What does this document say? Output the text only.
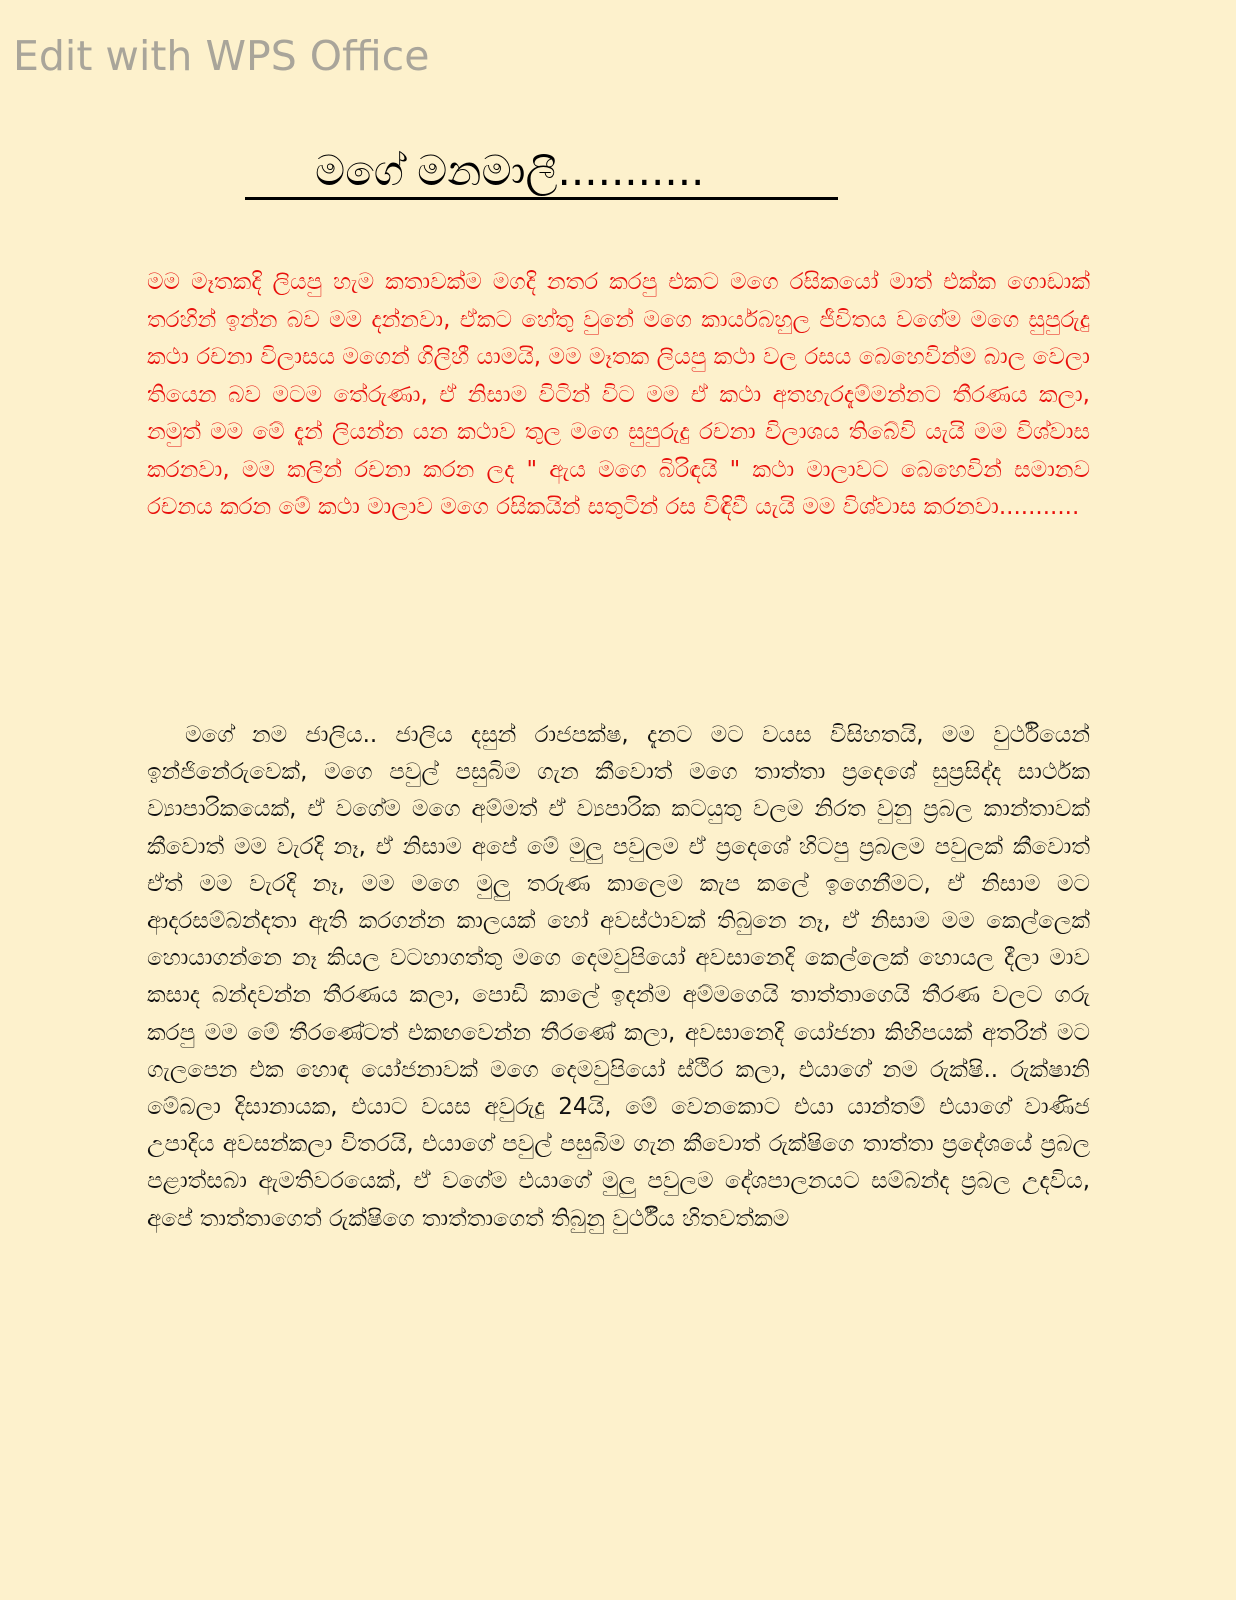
Edit with WPS Office
මගේ මනමාලී...........

මම මෑතකදි ලියපු හැම කතාවක්ම මගදි නතර කරපු එකට මගෙ රසිකයෝ මාත් එක්ක ගොඩාක් තරහින් ඉන්න බව මම දන්නවා, ඒකට හේතු වුනේ මගෙ කාර්යබහුල ජීවිතය වගේම මගෙ සුපුරුදු කථා රචනා විලාසය මගෙන් ගිලිහී යාමයි, මම මෑතක ලියපු කථා වල රසය බෙහෙවින්ම බාල වෙලා තියෙන බව මටම තේරුණා, ඒ නිසාම විටින් විට මම ඒ කථා අතහැරදැම්මන්නට තීරණය කලා, නමුත් මම මේ දැන් ලියන්න යන කථාව තුල මගෙ සුපුරුදු රචනා විලාශය තිබේවි යැයි මම විශ්වාස කරනවා, මම කලින් රචනා කරන ලද " ඇය මගෙ බිරිඳයි " කථා මාලාවට බෙහෙවින් සමානව රචනය කරන මේ කථා මාලාව මගෙ රසිකයින් සතුටින් රස විඳිවී යැයි මම විශ්වාස කරනවා...........

මගේ නම ජාලිය.. ජාලිය දසුන් රාජපක්ෂ, දැනට මට වයස විසිහතයි, මම වුර්ථියෙන් ඉන්ජිනේරුවෙක්, මගෙ පවුල් පසුබිම ගැන කීවොත් මගෙ තාත්තා ප්‍රදෙශේ සුප්‍රසිද්ද සාර්ථක ව්‍යාපාරිකයෙක්, ඒ වගේම මගෙ අම්මත් ඒ ව්‍යපාරික කටයුතු වලම නිරත වුනු ප්‍රබල කාන්තාවක් කීවොත් මම වැරදි නෑ, ඒ නිසාම අපේ මේ මුලු පවුලම ඒ ප්‍රදෙශේ හිටපු ප්‍රබලම පවුලක් කීවොත් ඒත් මම වැරදි නෑ, මම මගෙ මුලු තරුණ කාලෙම කැප කලේ ඉගෙනීමට, ඒ නිසාම මට ආදරසම්බන්දතා ඇති කරගන්න කාලයක් හෝ අවස්ථාවක් තිබුනෙ නෑ, ඒ නිසාම මම කෙල්ලෙක් හොයාගන්නෙ නෑ කියල වටහාගත්තු මගෙ දෙමවුපියෝ අවසානෙදි කෙල්ලෙක් හොයල දීලා මාව කසාද බන්දවන්න තීරණය කලා, පොඩි කාලේ ඉදන්ම අම්මගෙයි තාත්තාගෙයි තීරණ වලට ගරු කරපු මම මේ තීරණේටත් එකඟවෙන්න තීරණේ කලා, අවසානෙදි යෝජනා කිහිපයක් අතරින් මට ගැලපෙන එක හොඳ යෝජනාවක් මගෙ දෙමවුපියෝ ස්ථිර කලා, එයාගේ නම රුක්ෂි.. රුක්ෂානි මේබලා දිසානායක, එයාට වයස අවුරුදු 24යි, මේ වෙනකොට එයා යාන්තම් එයාගේ වාණිජ උපාදිය අවසන්කලා විතරයි, එයාගේ පවුල් පසුබිම ගැන කීවොත් රුක්ෂිගෙ තාත්තා ප්‍රදේශයේ ප්‍රබල පළාත්සබා ඇමතිවරයෙක්, ඒ වගේම එයාගේ මුලු පවුලම දේශපාලනයට සම්බන්ද ප්‍රබල උදවිය, අපේ තාත්තාගෙත් රුක්ෂිගෙ තාත්තාගෙත් තිබුනු වුර්ථීය හිතවත්කම
